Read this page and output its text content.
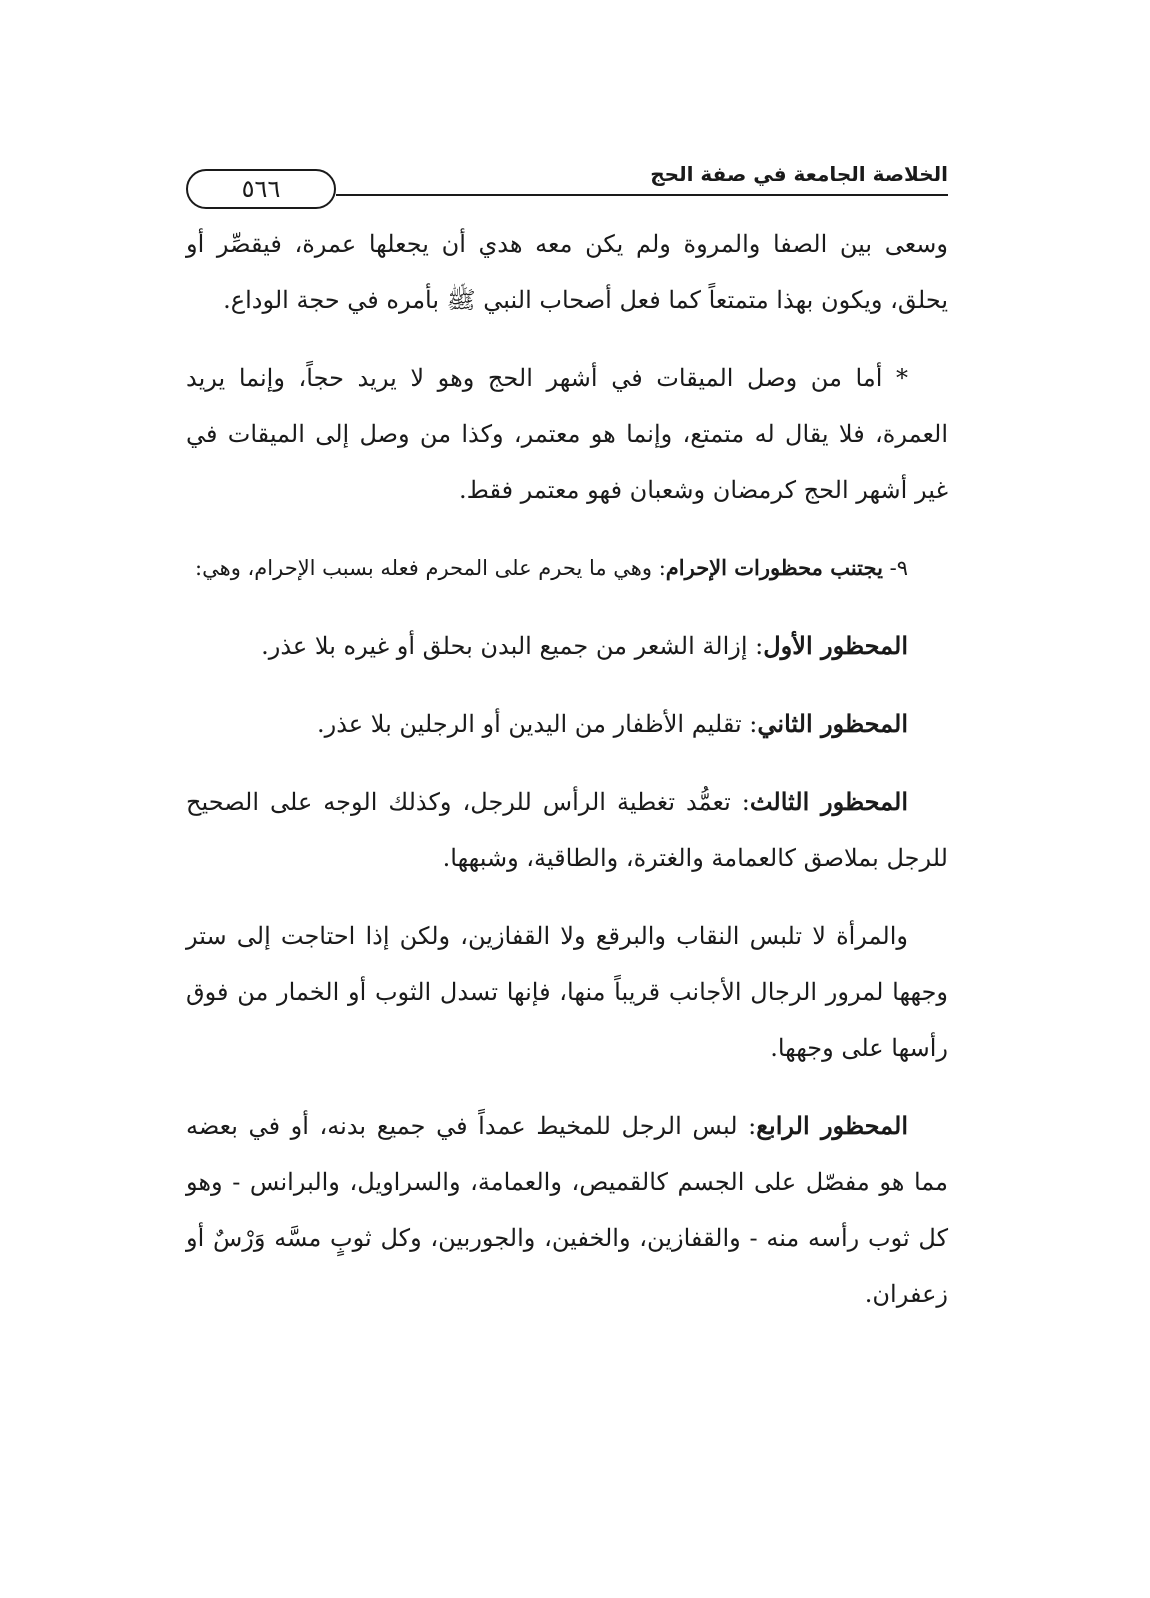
الخلاصة الجامعة في صفة الحج
٥٦٦

وسعى بين الصفا والمروة ولم يكن معه هدي أن يجعلها عمرة، فيقصِّر أو يحلق، ويكون بهذا متمتعاً كما فعل أصحاب النبي ﷺ بأمره في حجة الوداع.

* أما من وصل الميقات في أشهر الحج وهو لا يريد حجاً، وإنما يريد العمرة، فلا يقال له متمتع، وإنما هو معتمر، وكذا من وصل إلى الميقات في غير أشهر الحج كرمضان وشعبان فهو معتمر فقط.

٩- يجتنب محظورات الإحرام: وهي ما يحرم على المحرم فعله بسبب الإحرام، وهي:

المحظور الأول: إزالة الشعر من جميع البدن بحلق أو غيره بلا عذر.

المحظور الثاني: تقليم الأظفار من اليدين أو الرجلين بلا عذر.

المحظور الثالث: تعمُّد تغطية الرأس للرجل، وكذلك الوجه على الصحيح للرجل بملاصق كالعمامة والغترة، والطاقية، وشبهها.

والمرأة لا تلبس النقاب والبرقع ولا القفازين، ولكن إذا احتاجت إلى ستر وجهها لمرور الرجال الأجانب قريباً منها، فإنها تسدل الثوب أو الخمار من فوق رأسها على وجهها.

المحظور الرابع: لبس الرجل للمخيط عمداً في جميع بدنه، أو في بعضه مما هو مفصّل على الجسم كالقميص، والعمامة، والسراويل، والبرانس - وهو كل ثوب رأسه منه - والقفازين، والخفين، والجوربين، وكل ثوبٍ مسَّه وَرْسٌ أو زعفران.
